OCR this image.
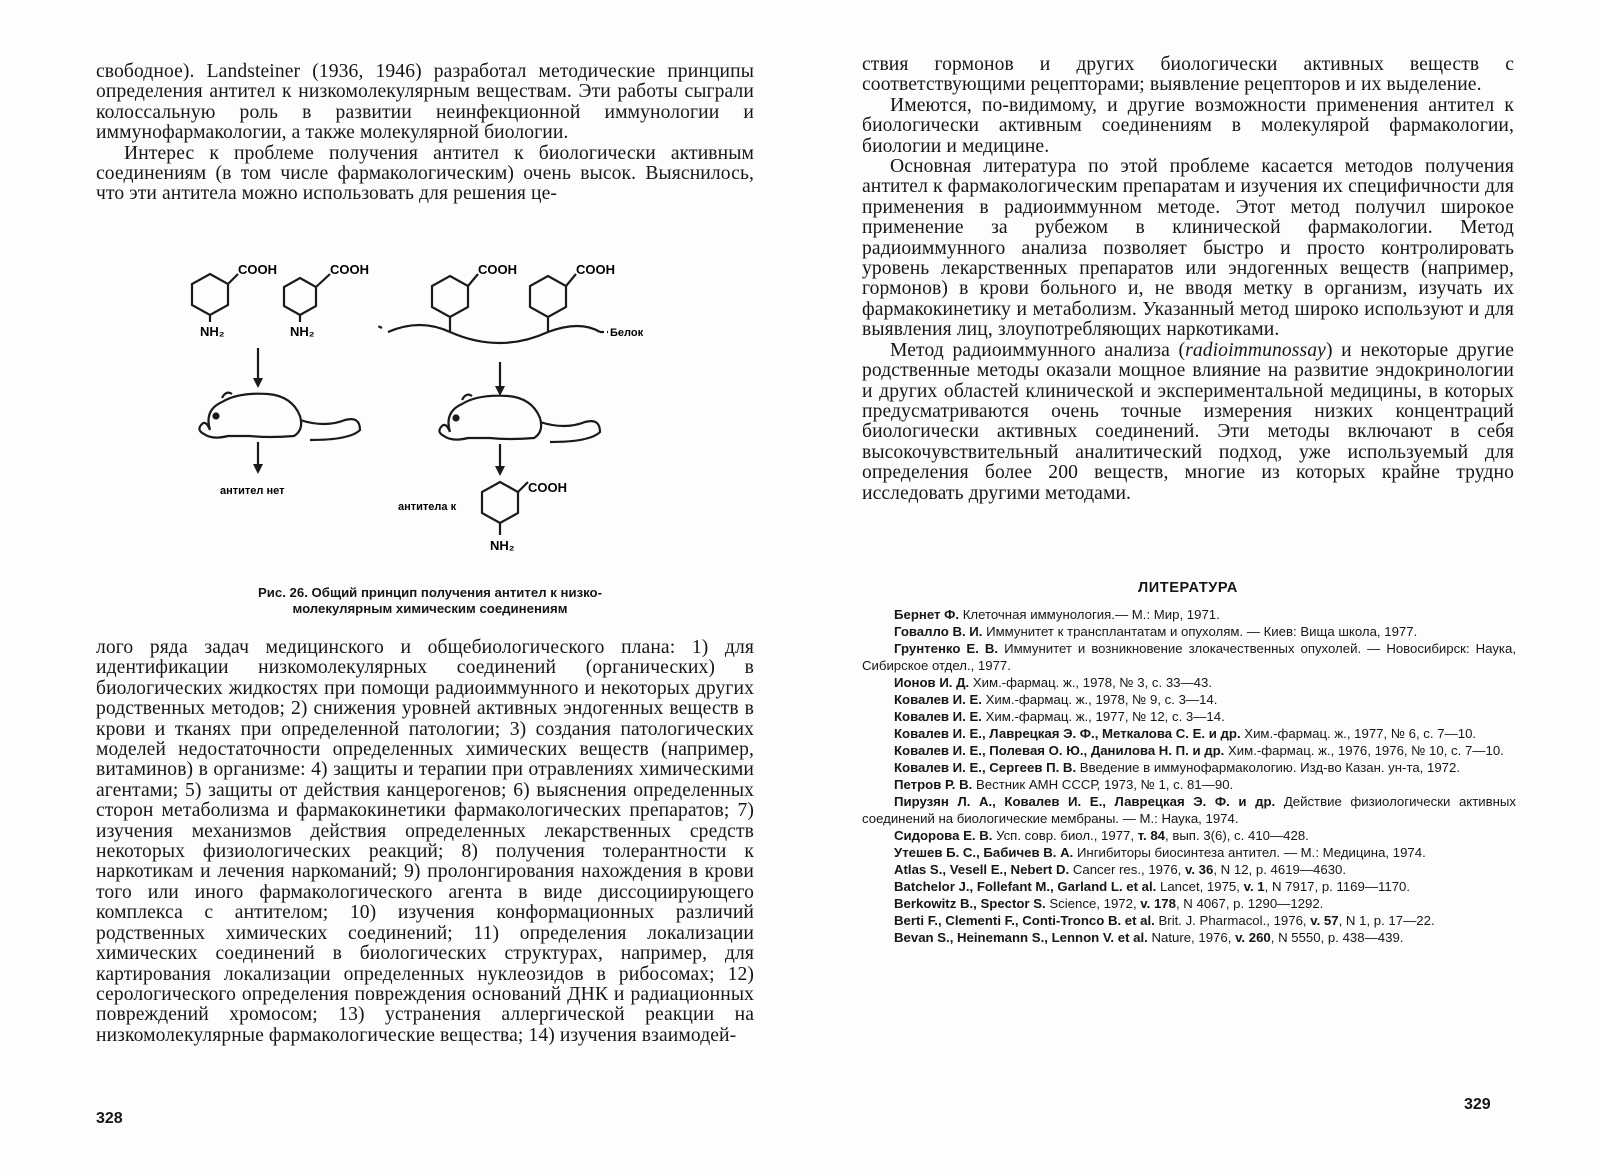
свободное). Landsteiner (1936, 1946) разработал методические принципы определения антител к низкомолекулярным веществам. Эти работы сыграли колоссальную роль в развитии неинфекционной иммунологии и иммунофармакологии, а также молекулярной биологии.

Интерес к проблеме получения антител к биологически активным соединениям (в том числе фармакологическим) очень высок. Выяснилось, что эти антитела можно использовать для решения це-

COOH	COOH	COOH	COOH
COOH
NH₂	NH₂
NH₂
Белок
антител нет
антитела к
Рис. 26. Общий принцип получения антител к низко-
молекулярным химическим соединениям

лого ряда задач медицинского и общебиологического плана: 1) для идентификации низкомолекулярных соединений (органических) в биологических жидкостях при помощи радиоиммунного и некоторых других родственных методов; 2) снижения уровней активных эндогенных веществ в крови и тканях при определенной патологии; 3) создания патологических моделей недостаточности определенных химических веществ (например, витаминов) в организме: 4) защиты и терапии при отравлениях химическими агентами; 5) защиты от действия канцерогенов; 6) выяснения определенных сторон метаболизма и фармакокинетики фармакологических препаратов; 7) изучения механизмов действия определенных лекарственных средств некоторых физиологических реакций; 8) получения толерантности к наркотикам и лечения наркоманий; 9) пролонгирования нахождения в крови того или иного фармакологического агента в виде диссоциирующего комплекса с антителом; 10) изучения конформационных различий родственных химических соединений; 11) определения локализации химических соединений в биологических структурах, например, для картирования локализации определенных нуклеозидов в рибосомах; 12) серологического определения повреждения оснований ДНК и радиационных повреждений хромосом; 13) устранения аллергической реакции на низкомолекулярные фармакологические вещества; 14) изучения взаимодей-

328

ствия гормонов и других биологически активных веществ с соответствующими рецепторами; выявление рецепторов и их выделение.

Имеются, по-видимому, и другие возможности применения антител к биологически активным соединениям в молекулярой фармакологии, биологии и медицине.

Основная литература по этой проблеме касается методов получения антител к фармакологическим препаратам и изучения их специфичности для применения в радиоиммунном методе. Этот метод получил широкое применение за рубежом в клинической фармакологии. Метод радиоиммунного анализа позволяет быстро и просто контролировать уровень лекарственных препаратов или эндогенных веществ (например, гормонов) в крови больного и, не вводя метку в организм, изучать их фармакокинетику и метаболизм. Указанный метод широко используют и для выявления лиц, злоупотребляющих наркотиками.

Метод радиоиммунного анализа (radioimmunossay) и некоторые другие родственные методы оказали мощное влияние на развитие эндокринологии и других областей клинической и экспериментальной медицины, в которых предусматриваются очень точные измерения низких концентраций биологически активных соединений. Эти методы включают в себя высокочувствительный аналитический подход, уже используемый для определения более 200 веществ, многие из которых крайне трудно исследовать другими методами.

ЛИТЕРАТУРА
Бернет Ф. Клеточная иммунология.— М.: Мир, 1971.
Говалло В. И. Иммунитет к трансплантатам и опухолям. — Киев: Вища школа, 1977.
Грунтенко Е. В. Иммунитет и возникновение злокачественных опухолей. — Новосибирск: Наука, Сибирское отдел., 1977.
Ионов И. Д. Хим.-фармац. ж., 1978, № 3, с. 33—43.
Ковалев И. Е. Хим.-фармац. ж., 1978, № 9, с. 3—14.
Ковалев И. Е. Хим.-фармац. ж., 1977, № 12, с. 3—14.
Ковалев И. Е., Лаврецкая Э. Ф., Меткалова С. Е. и др. Хим.-фармац. ж., 1977, № 6, с. 7—10.
Ковалев И. Е., Полевая О. Ю., Данилова Н. П. и др. Хим.-фармац. ж., 1976, 1976, № 10, с. 7—10.
Ковалев И. Е., Сергеев П. В. Введение в иммунофармакологию. Изд-во Казан. ун-та, 1972.
Петров Р. В. Вестник АМН СССР, 1973, № 1, с. 81—90.
Пирузян Л. А., Ковалев И. Е., Лаврецкая Э. Ф. и др. Действие физиологически активных соединений на биологические мембраны. — М.: Наука, 1974.
Сидорова Е. В. Усп. совр. биол., 1977, т. 84, вып. 3(6), с. 410—428.
Утешев Б. С., Бабичев В. А. Ингибиторы биосинтеза антител. — М.: Медицина, 1974.
Atlas S., Vesell E., Nebert D. Cancer res., 1976, v. 36, N 12, p. 4619—4630.
Batchelor J., Follefant M., Garland L. et al. Lancet, 1975, v. 1, N 7917, p. 1169—1170.
Berkowitz B., Spector S. Science, 1972, v. 178, N 4067, p. 1290—1292.
Berti F., Clementi F., Conti-Tronco B. et al. Brit. J. Pharmacol., 1976, v. 57, N 1, p. 17—22.
Bevan S., Heinemann S., Lennon V. et al. Nature, 1976, v. 260, N 5550, p. 438—439.
329
